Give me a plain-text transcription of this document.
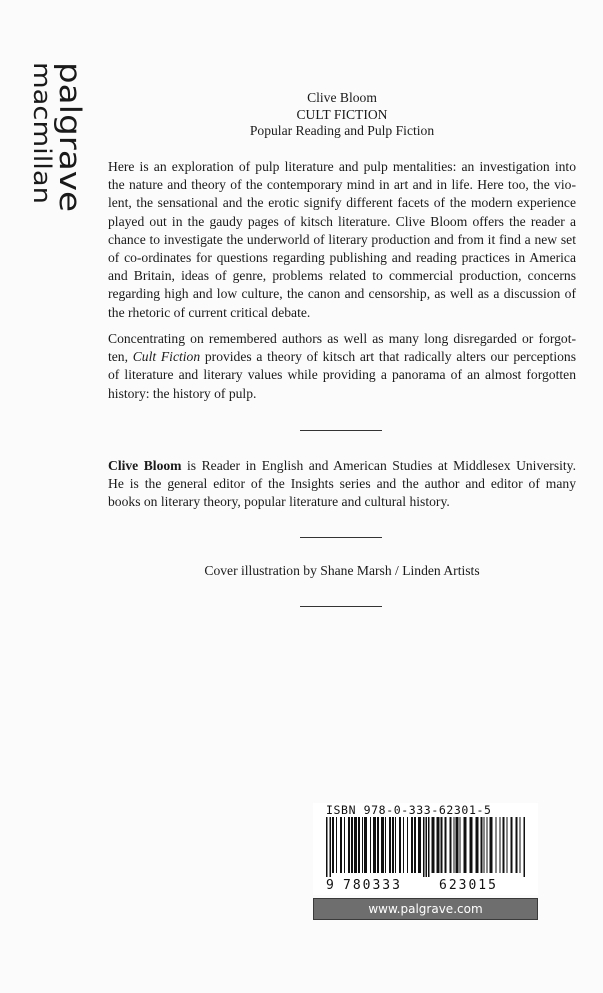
palgrave
macmillan	Clive Bloom
CULT FICTION
Popular Reading and Pulp Fiction
Here is an exploration of pulp literature and pulp mentalities: an investigation into
the nature and theory of the contemporary mind in art and in life. Here too, the vio-
lent, the sensational and the erotic signify different facets of the modern experience
played out in the gaudy pages of kitsch literature. Clive Bloom offers the reader a
chance to investigate the underworld of literary production and from it find a new set
of co-ordinates for questions regarding publishing and reading practices in America
and Britain, ideas of genre, problems related to commercial production, concerns
regarding high and low culture, the canon and censorship, as well as a discussion of
the rhetoric of current critical debate.
Concentrating on remembered authors as well as many long disregarded or forgot-
ten, Cult Fiction provides a theory of kitsch art that radically alters our perceptions
of literature and literary values while providing a panorama of an almost forgotten
history: the history of pulp.
Clive Bloom is Reader in English and American Studies at Middlesex University.
He is the general editor of the Insights series and the author and editor of many
books on literary theory, popular literature and cultural history.
Cover illustration by Shane Marsh / Linden Artists
ISBN 978-0-333-62301-5
9 780333	623015
www.palgrave.com
